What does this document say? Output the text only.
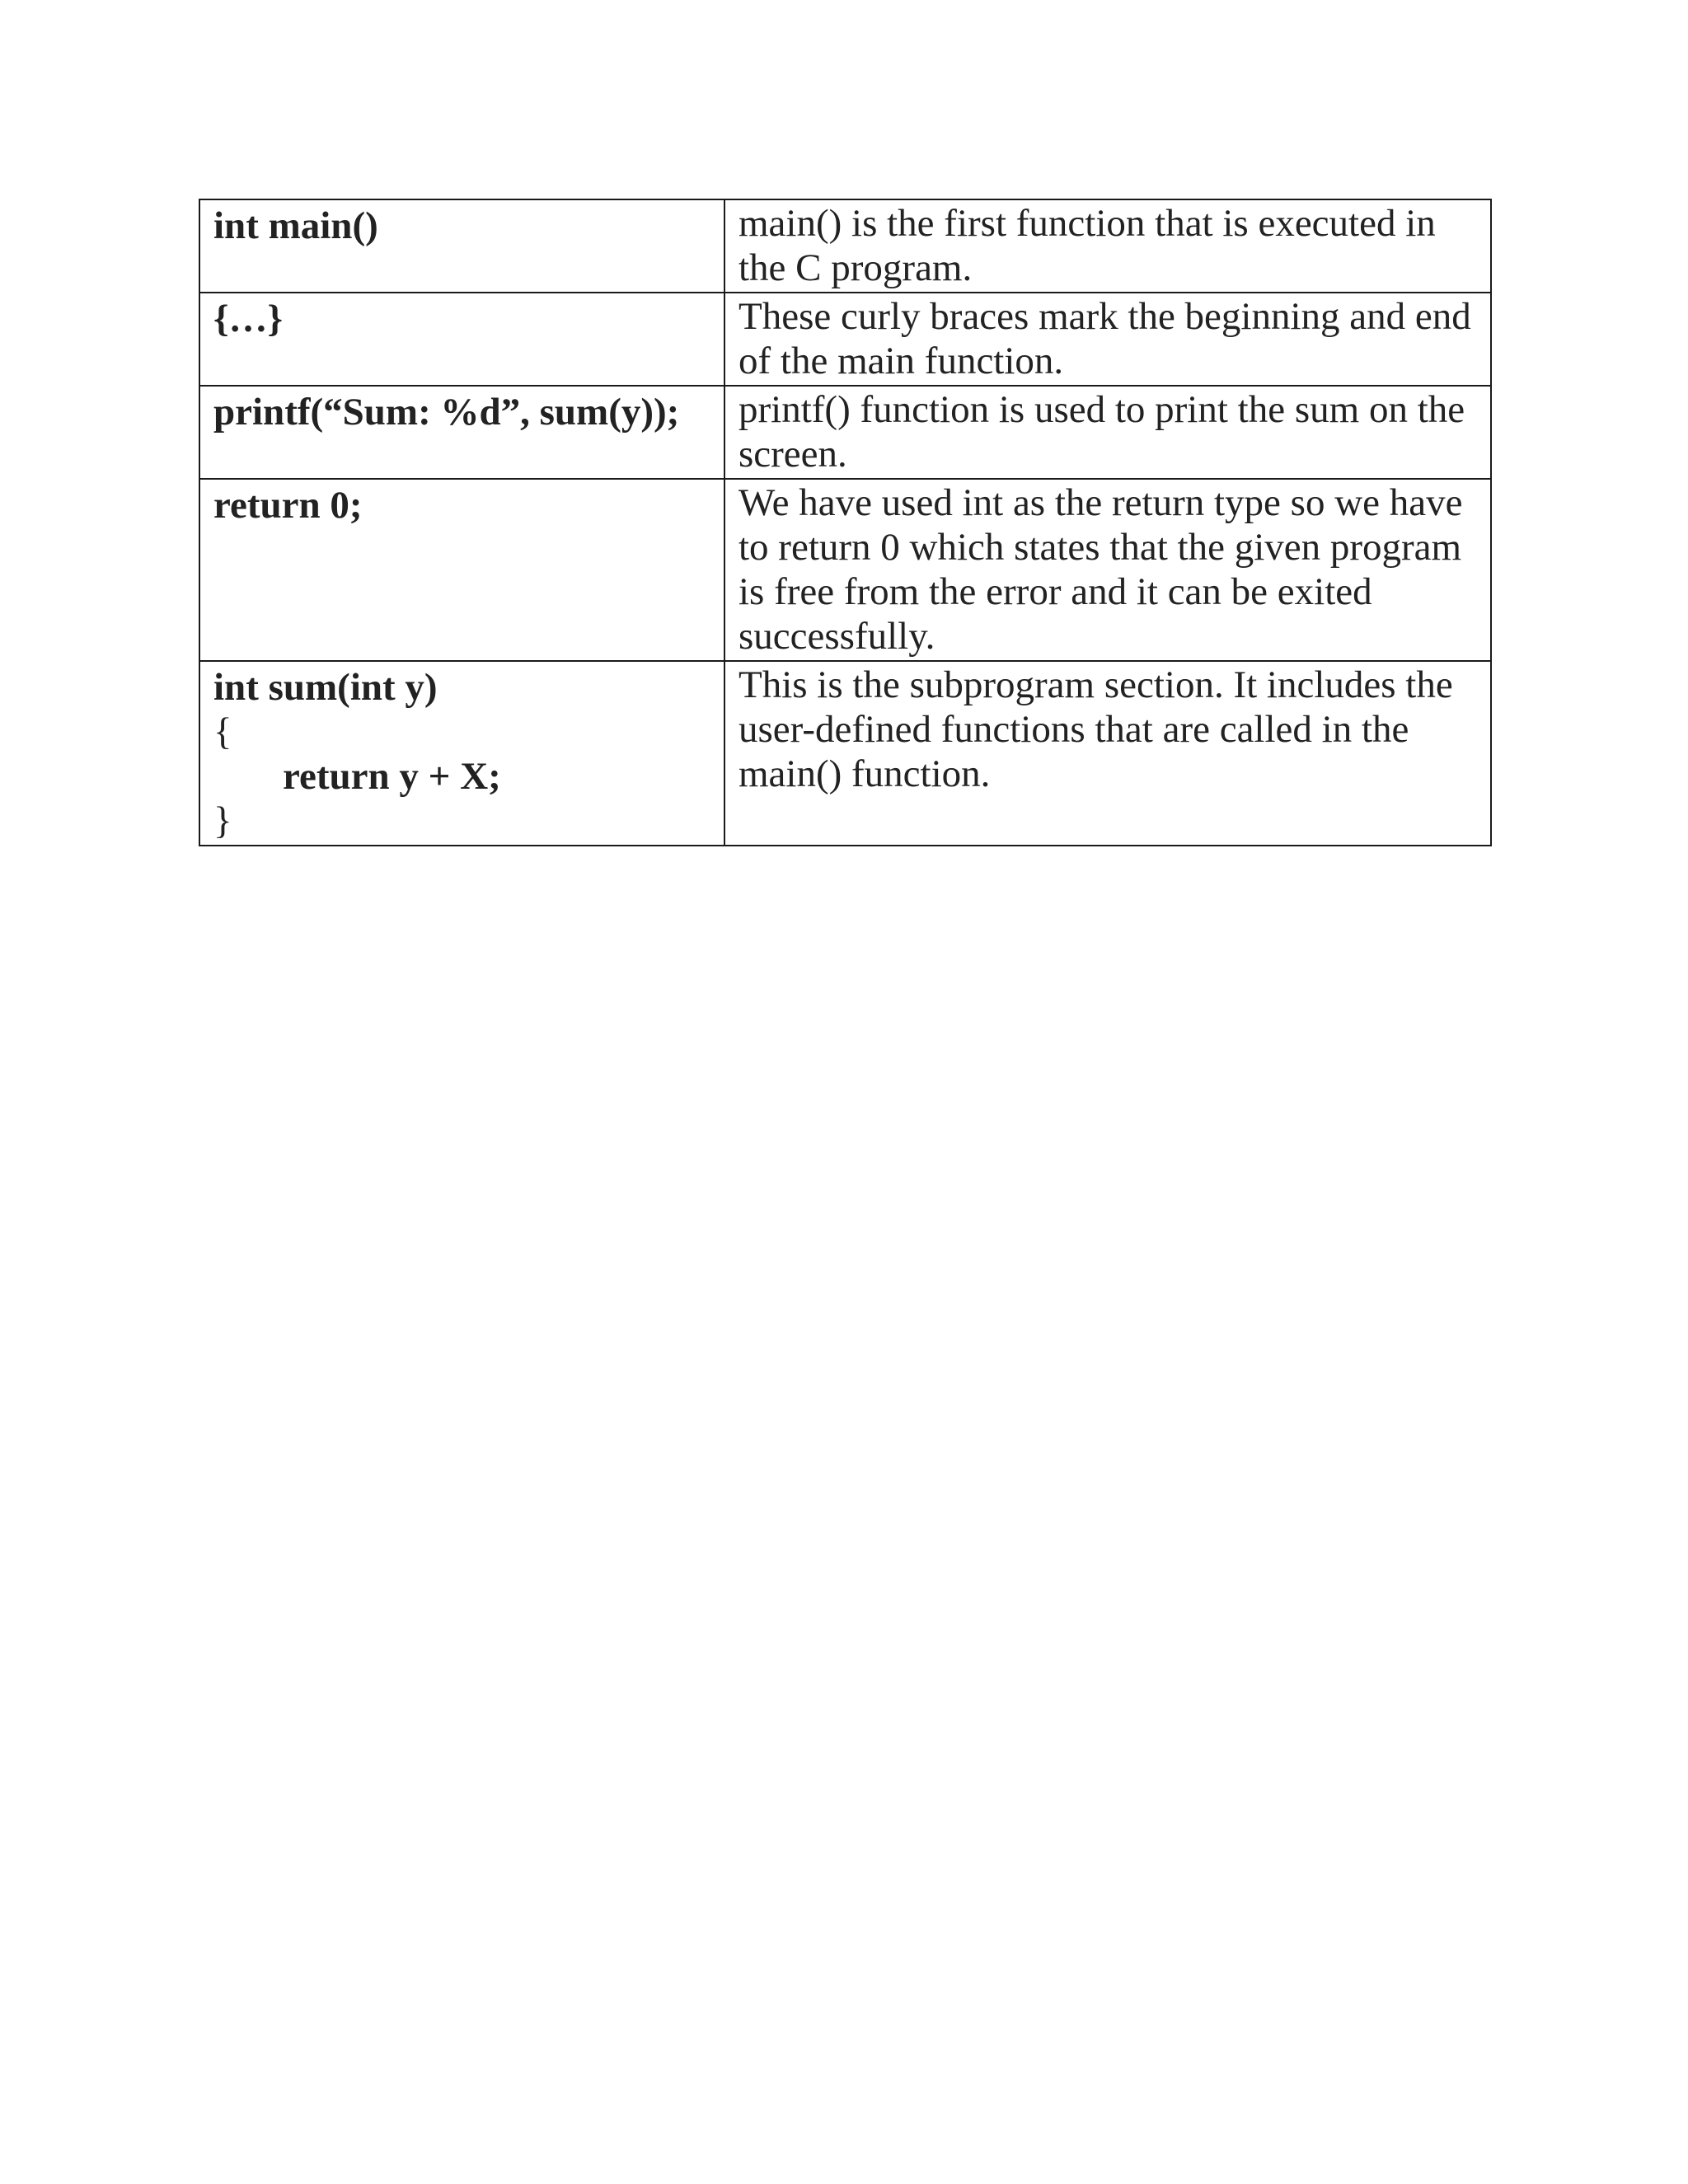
int main()	main() is the first function that is executed in the C program.

{…}	These curly braces mark the beginning and end of the main function.

printf(“Sum: %d”, sum(y));	printf() function is used to print the sum on the screen.

return 0;	We have used int as the return type so we have to return 0 which states that the given program is free from the error and it can be exited successfully.

int sum(int y)
{
return y + X;
}	This is the subprogram section. It includes the user-defined functions that are called in the main() function.
